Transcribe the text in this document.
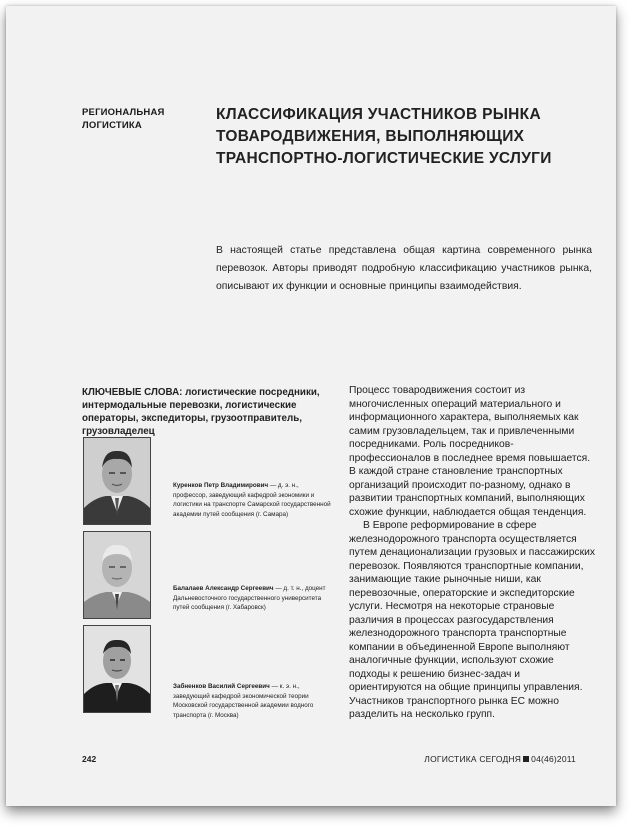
РЕГИОНАЛЬНАЯ ЛОГИСТИКА
КЛАССИФИКАЦИЯ УЧАСТНИКОВ РЫНКА ТОВАРОДВИЖЕНИЯ, ВЫПОЛНЯЮЩИХ ТРАНСПОРТНО-ЛОГИСТИЧЕСКИЕ УСЛУГИ
В настоящей статье представлена общая картина современного рынка перевозок. Авторы приводят подробную классификацию участников рынка, описывают их функции и основные принципы взаимодействия.
КЛЮЧЕВЫЕ СЛОВА: логистические посредники, интермодальные перевозки, логистические операторы, экспедиторы, грузоотправитель, грузовладелец
Куренков Петр Владимирович — д. э. н., профессор, заведующий кафедрой экономики и логистики на транспорте Самарской государственной академии путей сообщения (г. Самара)
Балалаев Александр Сергеевич — д. т. н., доцент Дальневосточного государственного университета путей сообщения (г. Хабаровск)
Забненков Василий Сергеевич — к. э. н., заведующий кафедрой экономической теории Московской государственной академии водного транспорта (г. Москва)

Процесс товародвижения состоит из многочисленных операций материального и информационного характера, выполняемых как самим грузовладельцем, так и привлеченными посредниками. Роль посредников-профессионалов в последнее время повышается. В каждой стране становление транспортных организаций происходит по-разному, однако в развитии транспортных компаний, выполняющих схожие функции, наблюдается общая тенденция.

В Европе реформирование в сфере железнодорожного транспорта осуществляется путем денационализации грузовых и пассажирских перевозок. Появляются транспортные компании, занимающие такие рыночные ниши, как перевозочные, операторские и экспедиторские услуги. Несмотря на некоторые страновые различия в процессах разгосударствления железнодорожного транспорта транспортные компании в объединенной Европе выполняют аналогичные функции, используют схожие подходы к решению бизнес-задач и ориентируются на общие принципы управления. Участников транспортного рынка ЕС можно разделить на несколько групп.

242	ЛОГИСТИКА СЕГОДНЯ 04(46)2011
